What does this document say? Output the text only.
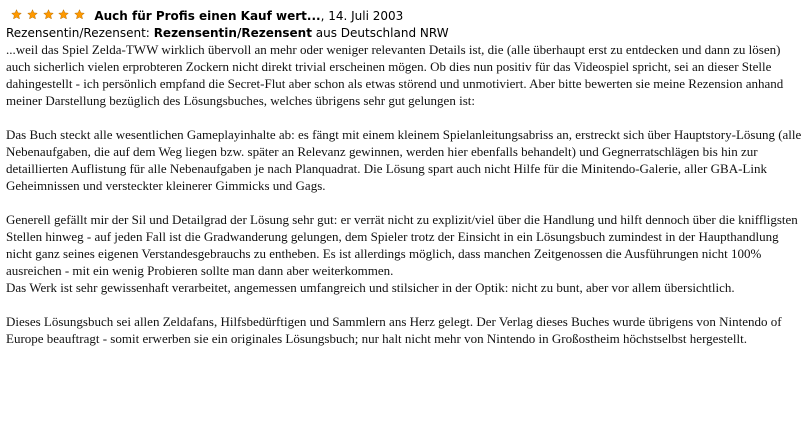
Auch für Profis einen Kauf wert..., 14. Juli 2003
Rezensentin/Rezensent: Rezensentin/Rezensent aus Deutschland NRW

...weil das Spiel Zelda-TWW wirklich übervoll an mehr oder weniger relevanten Details ist, die (alle überhaupt erst zu entdecken und dann zu lösen) auch sicherlich vielen erprobteren Zockern nicht direkt trivial erscheinen mögen. Ob dies nun positiv für das Videospiel spricht, sei an dieser Stelle dahingestellt - ich persönlich empfand die Secret-Flut aber schon als etwas störend und unmotiviert. Aber bitte bewerten sie meine Rezension anhand meiner Darstellung bezüglich des Lösungsbuches, welches übrigens sehr gut gelungen ist:

Das Buch steckt alle wesentlichen Gameplayinhalte ab: es fängt mit einem kleinem Spielanleitungsabriss an, erstreckt sich über Hauptstory-Lösung (alle Nebenaufgaben, die auf dem Weg liegen bzw. später an Relevanz gewinnen, werden hier ebenfalls behandelt) und Gegnerratschlägen bis hin zur detaillierten Auflistung für alle Nebenaufgaben je nach Planquadrat. Die Lösung spart auch nicht Hilfe für die Minitendo-Galerie, aller GBA-Link Geheimnissen und versteckter kleinerer Gimmicks und Gags.

Generell gefällt mir der Sil und Detailgrad der Lösung sehr gut: er verrät nicht zu explizit/viel über die Handlung und hilft dennoch über die kniffligsten Stellen hinweg - auf jeden Fall ist die Gradwanderung gelungen, dem Spieler trotz der Einsicht in ein Lösungsbuch zumindest in der Haupthandlung nicht ganz seines eigenen Verstandesgebrauchs zu entheben. Es ist allerdings möglich, dass manchen Zeitgenossen die Ausführungen nicht 100% ausreichen - mit ein wenig Probieren sollte man dann aber weiterkommen.

Das Werk ist sehr gewissenhaft verarbeitet, angemessen umfangreich und stilsicher in der Optik: nicht zu bunt, aber vor allem übersichtlich.

Dieses Lösungsbuch sei allen Zeldafans, Hilfsbedürftigen und Sammlern ans Herz gelegt. Der Verlag dieses Buches wurde übrigens von Nintendo of Europe beauftragt - somit erwerben sie ein originales Lösungsbuch; nur halt nicht mehr von Nintendo in Großostheim höchstselbst hergestellt.
